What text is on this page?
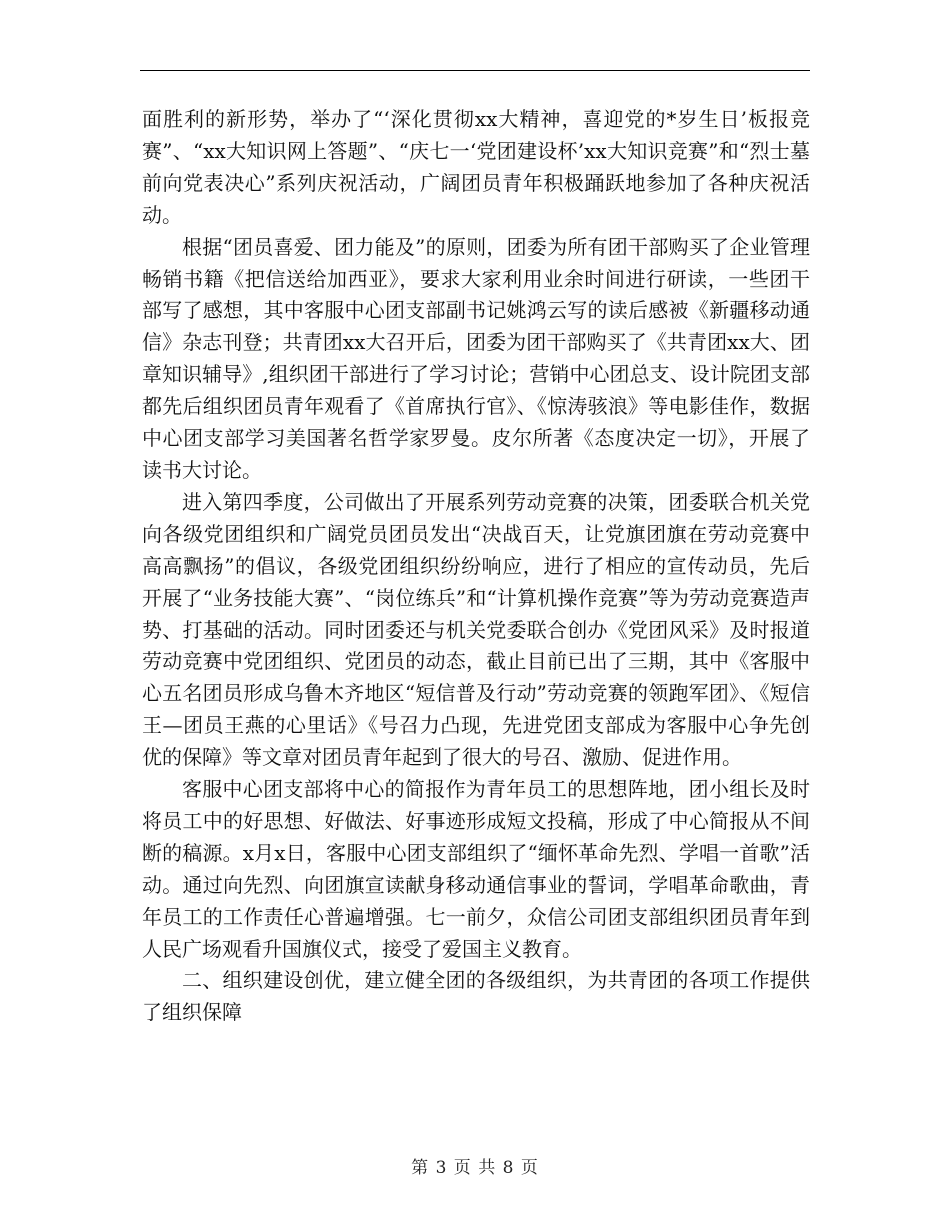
面胜利的新形势，举办了“‘深化贯彻xx大精神，喜迎党的*岁生日’板报竞赛”、“xx大知识网上答题”、“庆七一‘党团建设杯’xx大知识竞赛”和“烈士墓前向党表决心”系列庆祝活动，广阔团员青年积极踊跃地参加了各种庆祝活动。

根据“团员喜爱、团力能及”的原则，团委为所有团干部购买了企业管理畅销书籍《把信送给加西亚》，要求大家利用业余时间进行研读，一些团干部写了感想，其中客服中心团支部副书记姚鸿云写的读后感被《新疆移动通信》杂志刊登；共青团xx大召开后，团委为团干部购买了《共青团xx大、团章知识辅导》,组织团干部进行了学习讨论；营销中心团总支、设计院团支部都先后组织团员青年观看了《首席执行官》、《惊涛骇浪》等电影佳作，数据中心团支部学习美国著名哲学家罗曼。皮尔所著《态度决定一切》，开展了读书大讨论。

进入第四季度，公司做出了开展系列劳动竞赛的决策，团委联合机关党向各级党团组织和广阔党员团员发出“决战百天，让党旗团旗在劳动竞赛中高高飘扬”的倡议，各级党团组织纷纷响应，进行了相应的宣传动员，先后开展了“业务技能大赛”、“岗位练兵”和“计算机操作竞赛”等为劳动竞赛造声势、打基础的活动。同时团委还与机关党委联合创办《党团风采》及时报道劳动竞赛中党团组织、党团员的动态，截止目前已出了三期，其中《客服中心五名团员形成乌鲁木齐地区“短信普及行动”劳动竞赛的领跑军团》、《短信王—团员王燕的心里话》《号召力凸现，先进党团支部成为客服中心争先创优的保障》等文章对团员青年起到了很大的号召、激励、促进作用。

客服中心团支部将中心的简报作为青年员工的思想阵地，团小组长及时将员工中的好思想、好做法、好事迹形成短文投稿，形成了中心简报从不间断的稿源。x月x日，客服中心团支部组织了“缅怀革命先烈、学唱一首歌”活动。通过向先烈、向团旗宣读献身移动通信事业的誓词，学唱革命歌曲，青年员工的工作责任心普遍增强。七一前夕，众信公司团支部组织团员青年到人民广场观看升国旗仪式，接受了爱国主义教育。

二、组织建设创优，建立健全团的各级组织，为共青团的各项工作提供了组织保障

第 3 页 共 8 页
